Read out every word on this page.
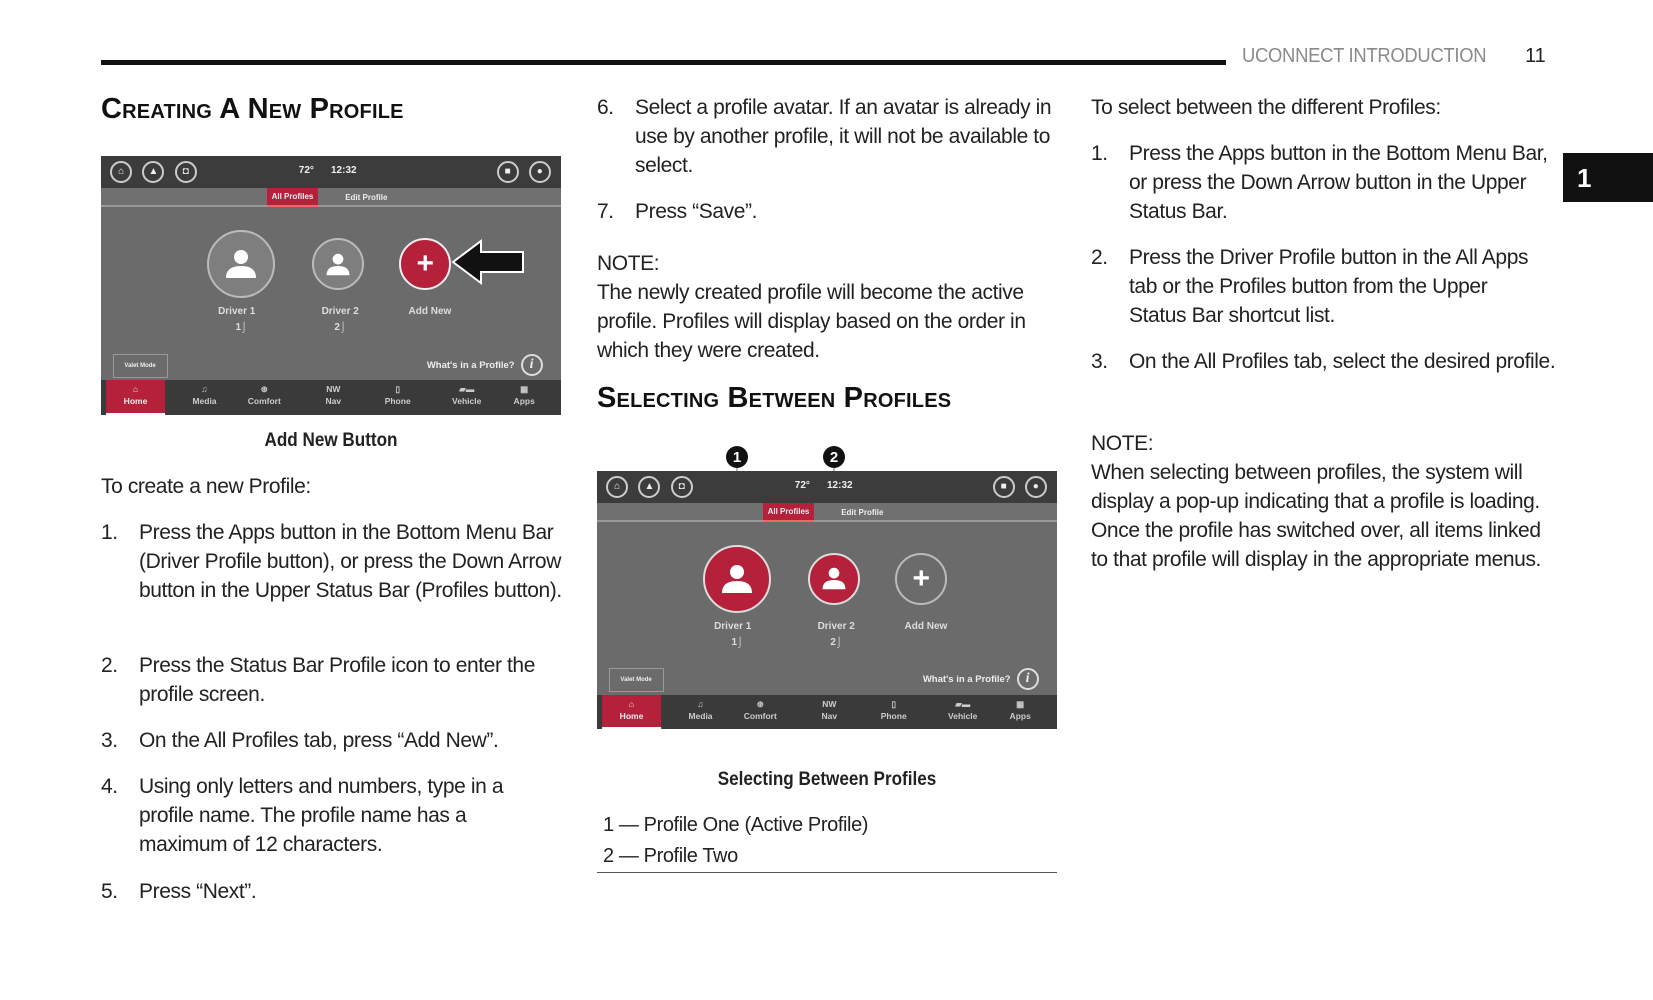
UCONNECT INTRODUCTION 11
1
Creating A New Profile
⌂	▲	◘	■	●
72° 12:32
All Profiles	Edit Profile
+
Driver 1	Driver 2	Add New
1⌡	2⌡
Valet Mode	What's in a Profile?	i
⌂
Home
♫
Media
⊛
Comfort
NW
Nav
▯
Phone
▰▬
Vehicle
▦
Apps
Add New Button
To create a new Profile:
1. Press the Apps button in the Bottom Menu Bar (Driver Profile button), or press the Down Arrow button in the Upper Status Bar (Profiles button).
2. Press the Status Bar Profile icon to enter the profile screen.
3. On the All Profiles tab, press “Add New”.
4. Using only letters and numbers, type in a profile name. The profile name has a maximum of 12 characters.
5. Press “Next”.
6. Select a profile avatar. If an avatar is already in use by another profile, it will not be available to select.
7. Press “Save”.
NOTE:
The newly created profile will become the active profile. Profiles will display based on the order in which they were created.
Selecting Between Profiles
1	2
⌂	▲	◘	■	●
72° 12:32
All Profiles	Edit Profile
+
Driver 1	Driver 2	Add New
1⌡	2⌡
Valet Mode	What's in a Profile?	i
⌂
Home
♫
Media
⊛
Comfort
NW
Nav
▯
Phone
▰▬
Vehicle
▦
Apps
Selecting Between Profiles
1 — Profile One (Active Profile)
2 — Profile Two
To select between the different Profiles:
1. Press the Apps button in the Bottom Menu Bar, or press the Down Arrow button in the Upper Status Bar.
2. Press the Driver Profile button in the All Apps tab or the Profiles button from the Upper Status Bar shortcut list.
3. On the All Profiles tab, select the desired profile.
NOTE:
When selecting between profiles, the system will display a pop-up indicating that a profile is loading. Once the profile has switched over, all items linked to that profile will display in the appropriate menus.
